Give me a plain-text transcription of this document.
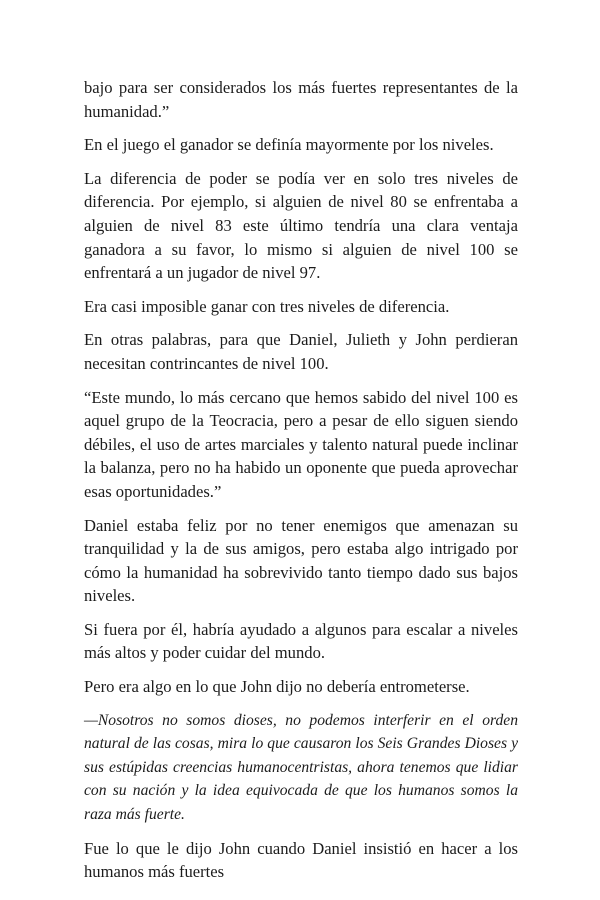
bajo para ser considerados los más fuertes representantes de la humanidad.”

En el juego el ganador se definía mayormente por los niveles.

La diferencia de poder se podía ver en solo tres niveles de diferencia. Por ejemplo, si alguien de nivel 80 se enfrentaba a alguien de nivel 83 este último tendría una clara ventaja ganadora a su favor, lo mismo si alguien de nivel 100 se enfrentará a un jugador de nivel 97.

Era casi imposible ganar con tres niveles de diferencia.

En otras palabras, para que Daniel, Julieth y John perdieran necesitan contrincantes de nivel 100.

“Este mundo, lo más cercano que hemos sabido del nivel 100 es aquel grupo de la Teocracia, pero a pesar de ello siguen siendo débiles, el uso de artes marciales y talento natural puede inclinar la balanza, pero no ha habido un oponente que pueda aprovechar esas oportunidades.”

Daniel estaba feliz por no tener enemigos que amenazan su tranquilidad y la de sus amigos, pero estaba algo intrigado por cómo la humanidad ha sobrevivido tanto tiempo dado sus bajos niveles.

Si fuera por él, habría ayudado a algunos para escalar a niveles más altos y poder cuidar del mundo.

Pero era algo en lo que John dijo no debería entrometerse.

—Nosotros no somos dioses, no podemos interferir en el orden natural de las cosas, mira lo que causaron los Seis Grandes Dioses y sus estúpidas creencias humanocentristas, ahora tenemos que lidiar con su nación y la idea equivocada de que los humanos somos la raza más fuerte.

Fue lo que le dijo John cuando Daniel insistió en hacer a los humanos más fuertes
